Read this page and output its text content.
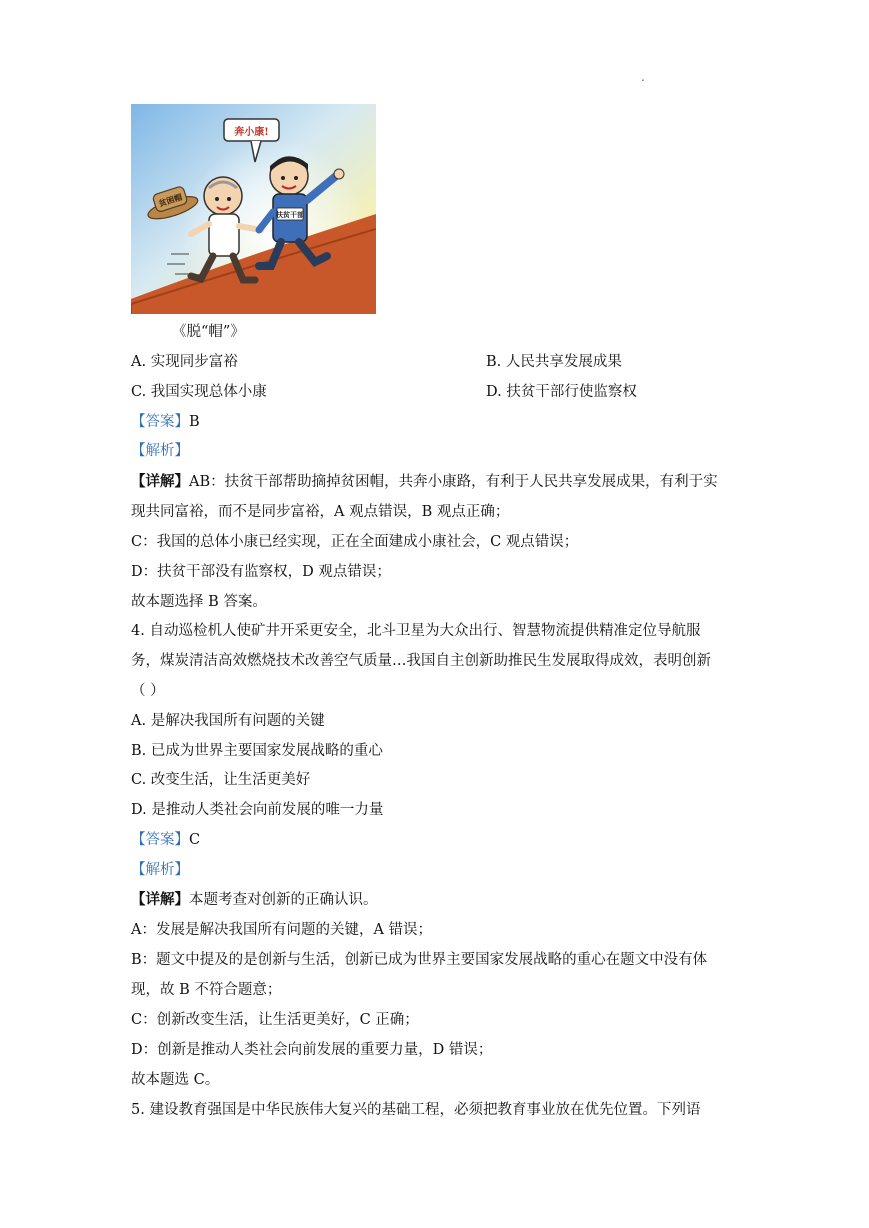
.
奔小康!
贫困帽
扶贫干部
《脱“帽”》
A. 实现同步富裕	B. 人民共享发展成果
C. 我国实现总体小康	D. 扶贫干部行使监察权
【答案】B
【解析】
【详解】AB：扶贫干部帮助摘掉贫困帽，共奔小康路，有利于人民共享发展成果，有利于实
现共同富裕，而不是同步富裕，A 观点错误，B 观点正确；
C：我国的总体小康已经实现，正在全面建成小康社会，C 观点错误；
D：扶贫干部没有监察权，D 观点错误；
故本题选择 B 答案。
4. 自动巡检机人使矿井开采更安全，北斗卫星为大众出行、智慧物流提供精准定位导航服
务，煤炭清洁高效燃烧技术改善空气质量…我国自主创新助推民生发展取得成效，表明创新
（ ）
A. 是解决我国所有问题的关键
B. 已成为世界主要国家发展战略的重心
C. 改变生活，让生活更美好
D. 是推动人类社会向前发展的唯一力量
【答案】C
【解析】
【详解】本题考查对创新的正确认识。
A：发展是解决我国所有问题的关键，A 错误；
B：题文中提及的是创新与生活，创新已成为世界主要国家发展战略的重心在题文中没有体
现，故 B 不符合题意；
C：创新改变生活，让生活更美好，C 正确；
D：创新是推动人类社会向前发展的重要力量，D 错误；
故本题选 C。
5. 建设教育强国是中华民族伟大复兴的基础工程，必须把教育事业放在优先位置。下列语
